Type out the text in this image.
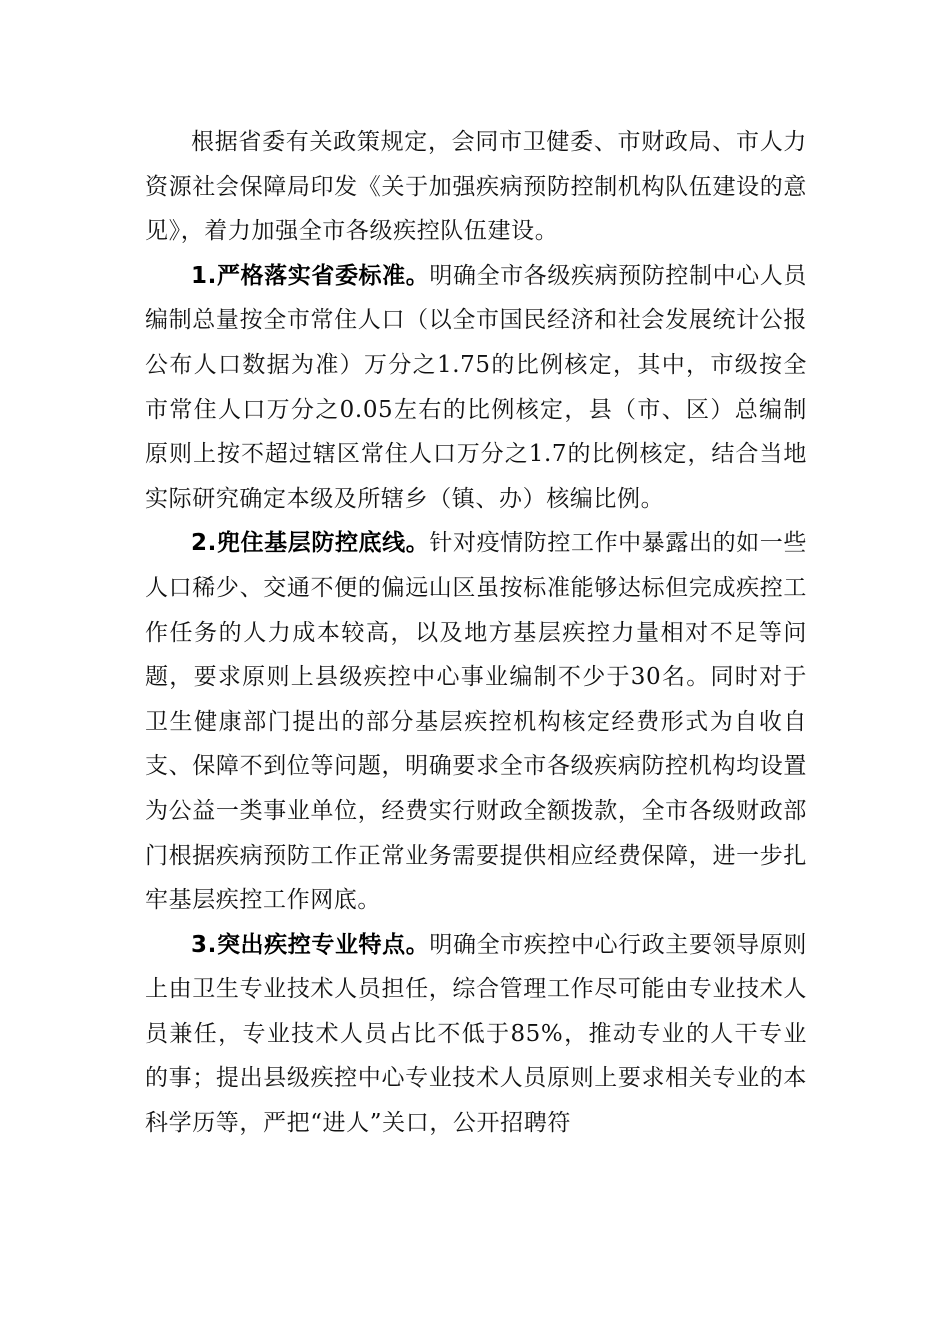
根据省委有关政策规定，会同市卫健委、市财政局、市人力资源社会保障局印发《关于加强疾病预防控制机构队伍建设的意见》，着力加强全市各级疾控队伍建设。

1.严格落实省委标准。明确全市各级疾病预防控制中心人员编制总量按全市常住人口（以全市国民经济和社会发展统计公报公布人口数据为准）万分之1.75的比例核定，其中，市级按全市常住人口万分之0.05左右的比例核定，县（市、区）总编制原则上按不超过辖区常住人口万分之1.7的比例核定，结合当地实际研究确定本级及所辖乡（镇、办）核编比例。

2.兜住基层防控底线。针对疫情防控工作中暴露出的如一些人口稀少、交通不便的偏远山区虽按标准能够达标但完成疾控工作任务的人力成本较高，以及地方基层疾控力量相对不足等问题，要求原则上县级疾控中心事业编制不少于30名。同时对于卫生健康部门提出的部分基层疾控机构核定经费形式为自收自支、保障不到位等问题，明确要求全市各级疾病防控机构均设置为公益一类事业单位，经费实行财政全额拨款，全市各级财政部门根据疾病预防工作正常业务需要提供相应经费保障，进一步扎牢基层疾控工作网底。

3.突出疾控专业特点。明确全市疾控中心行政主要领导原则上由卫生专业技术人员担任，综合管理工作尽可能由专业技术人员兼任，专业技术人员占比不低于85%，推动专业的人干专业的事；提出县级疾控中心专业技术人员原则上要求相关专业的本科学历等，严把“进人”关口，公开招聘符
